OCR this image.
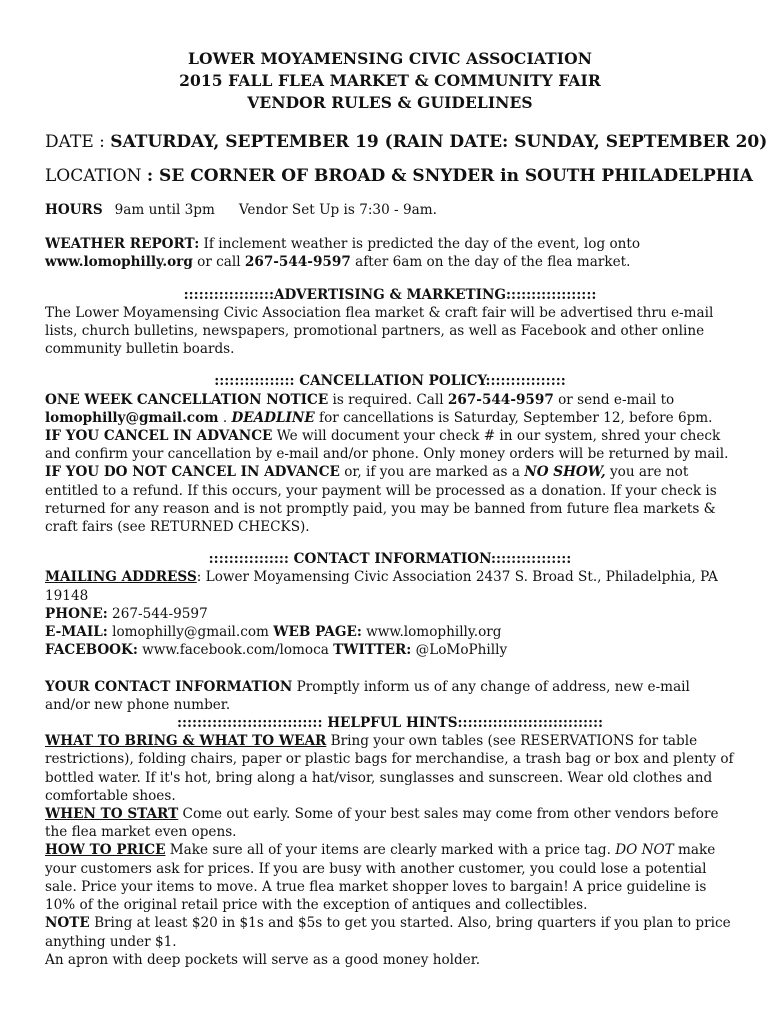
LOWER MOYAMENSING CIVIC ASSOCIATION
2015 FALL FLEA MARKET & COMMUNITY FAIR
VENDOR RULES & GUIDELINES
DATE : SATURDAY, SEPTEMBER 19 (RAIN DATE: SUNDAY, SEPTEMBER 20)
LOCATION : SE CORNER OF BROAD & SNYDER in SOUTH PHILADELPHIA
HOURS 9am until 3pm Vendor Set Up is 7:30 - 9am.
WEATHER REPORT: If inclement weather is predicted the day of the event, log onto
www.lomophilly.org or call 267-544-9597 after 6am on the day of the flea market.
::::::::::::::::::ADVERTISING & MARKETING::::::::::::::::::
The Lower Moyamensing Civic Association flea market & craft fair will be advertised thru e-mail lists, church bulletins, newspapers, promotional partners, as well as Facebook and other online community bulletin boards.
:::::::::::::::: CANCELLATION POLICY::::::::::::::::
ONE WEEK CANCELLATION NOTICE is required. Call 267-544-9597 or send e-mail to
lomophilly@gmail.com . DEADLINE for cancellations is Saturday, September 12, before 6pm.
IF YOU CANCEL IN ADVANCE We will document your check # in our system, shred your check and confirm your cancellation by e-mail and/or phone. Only money orders will be returned by mail.
IF YOU DO NOT CANCEL IN ADVANCE or, if you are marked as a NO SHOW, you are not entitled to a refund. If this occurs, your payment will be processed as a donation. If your check is returned for any reason and is not promptly paid, you may be banned from future flea markets & craft fairs (see RETURNED CHECKS).
:::::::::::::::: CONTACT INFORMATION::::::::::::::::
MAILING ADDRESS: Lower Moyamensing Civic Association 2437 S. Broad St., Philadelphia, PA 19148
PHONE: 267-544-9597
E-MAIL: lomophilly@gmail.com WEB PAGE: www.lomophilly.org
FACEBOOK: www.facebook.com/lomoca TWITTER: @LoMoPhilly
YOUR CONTACT INFORMATION Promptly inform us of any change of address, new e-mail and/or new phone number.
::::::::::::::::::::::::::::: HELPFUL HINTS:::::::::::::::::::::::::::::
WHAT TO BRING & WHAT TO WEAR Bring your own tables (see RESERVATIONS for table restrictions), folding chairs, paper or plastic bags for merchandise, a trash bag or box and plenty of bottled water. If it's hot, bring along a hat/visor, sunglasses and sunscreen. Wear old clothes and comfortable shoes.
WHEN TO START Come out early. Some of your best sales may come from other vendors before the flea market even opens.
HOW TO PRICE Make sure all of your items are clearly marked with a price tag. DO NOT make your customers ask for prices. If you are busy with another customer, you could lose a potential sale. Price your items to move. A true flea market shopper loves to bargain! A price guideline is 10% of the original retail price with the exception of antiques and collectibles.
NOTE Bring at least $20 in $1s and $5s to get you started. Also, bring quarters if you plan to price anything under $1.
An apron with deep pockets will serve as a good money holder.
